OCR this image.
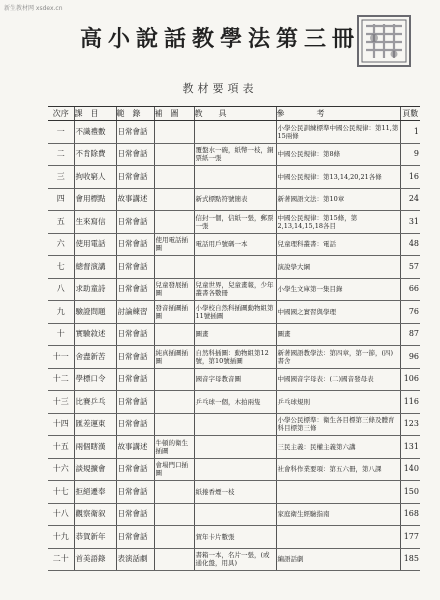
新生教材网 xsdex.cn
高小說話教學法第三冊
教材要項表
次序	課　目	範　錄	補　圖	教　　具	參　　　　考	頁數
一	不識禮數	日常會話			小學公民訓練標準中國公民規律：第11,第15兩條	1
二	不肯除費	日常會話		覆盤水一碗，紙幣一枝，銅票紙一張	中國公民規律：第8條	9
三	拘收窮人	日常會話			中國公民規律：第13,14,20,21各條	16
四	會用標點	故事講述		新式標點符號簡表	新著國語文法：第10章	24
五	生來寫信	日常會話		信封一個，信紙一張，郵票一張	中國公民規律：第15條，第2,13,14,15,18各目	31
六	使用電話	日常會話	使用電話插圖	電話用戶號碼一本	兒童理科叢書：電話	48
七	總督演講	日常會話			演說學大綱	57
八	求助童詩	日常會話	兒童發展插圖	兒童世界，兒童畫報，少年叢書各數冊	小學生文庫第一集目錄	66
九	驗證問題	討論練習	發音插圖插圖	小學校自然科插圖動物組第11號插圖	中國國之實習與學理	76
十	實驗敘述	日常會話		圖畫	圖畫	87
十一	舍盡新苦	日常會話	純真插圖插圖	自然科插圖：動物組第12號，第10號插圖	新著國語教學法：第四章，第一節，(四)書舍	96
十二	學標口令	日常會話		國音字母教音圖	中國國音字母表：(二)國音發母表	106
十三	比賽乒乓	日常會話		乒乓球一個，木拍兩隻	乒乓球規則	116
十四	匯差運東	日常會話			小學公民標準：衛生各目標第三條及體育科目標第三條	123
十五	兩個瞎漢	故事講述	牛頓的衛生插圖		三民主義：民權主義第六講	131
十六	談規擴會	日常會話	會場門口插圖		社會科作業要項：第五六冊，第八課	140
十七	拒絕遷奉	日常會話		紙捲香煙一枝		150
十八	觀察衛叙	日常會話			家庭衛生經驗指南	168
十九	恭賀新年	日常會話		賀年卡片數張		177
二十	首美語錄	表演話劇		書箱一本，名片一張，(或通化盤，用具)	編語話劇	185
